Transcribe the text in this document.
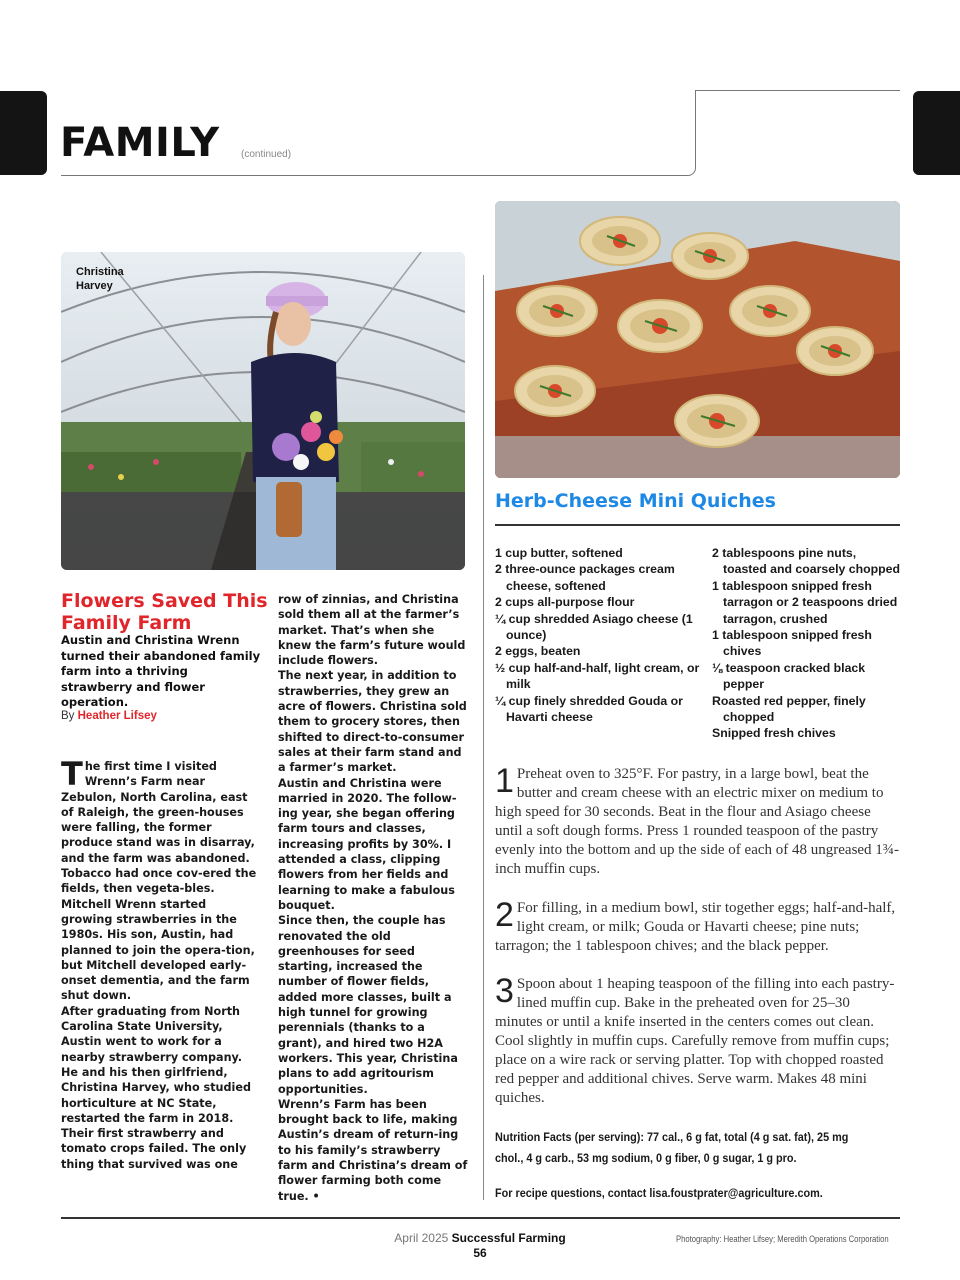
FAMILY (continued)
Christina
Harvey
Flowers Saved This Family Farm
Austin and Christina Wrenn turned their abandoned family farm into a thriving strawberry and flower operation.
By Heather Lifsey
The first time I visited Wrenn’s Farm near Zebulon, North Carolina, east of Raleigh, the green-houses were falling, the former produce stand was in disarray, and the farm was abandoned.
Tobacco had once cov-ered the fields, then vegeta-bles. Mitchell Wrenn started growing strawberries in the 1980s. His son, Austin, had planned to join the opera-tion, but Mitchell developed early-onset dementia, and the farm shut down.
After graduating from North Carolina State University, Austin went to work for a nearby strawberry company. He and his then girlfriend, Christina Harvey, who studied horticulture at NC State, restarted the farm in 2018.
Their first strawberry and tomato crops failed. The only thing that survived was one
row of zinnias, and Christina sold them all at the farmer’s market. That’s when she knew the farm’s future would include flowers.
The next year, in addition to strawberries, they grew an acre of flowers. Christina sold them to grocery stores, then shifted to direct-to-consumer sales at their farm stand and a farmer’s market.
Austin and Christina were married in 2020. The follow-ing year, she began offering farm tours and classes, increasing profits by 30%. I attended a class, clipping flowers from her fields and learning to make a fabulous bouquet.
Since then, the couple has renovated the old greenhouses for seed starting, increased the number of flower fields, added more classes, built a high tunnel for growing perennials (thanks to a grant), and hired two H2A workers. This year, Christina plans to add agritourism opportunities.
Wrenn’s Farm has been brought back to life, making Austin’s dream of return-ing to his family’s strawberry farm and Christina’s dream of flower farming both come true. •
Herb-Cheese Mini Quiches
1 cup butter, softened
2 three-ounce packages cream cheese, softened
2 cups all-purpose flour
¼ cup shredded Asiago cheese (1 ounce)
2 eggs, beaten
½ cup half-and-half, light cream, or milk
¼ cup finely shredded Gouda or Havarti cheese
2 tablespoons pine nuts, toasted and coarsely chopped
1 tablespoon snipped fresh tarragon or 2 teaspoons dried tarragon, crushed
1 tablespoon snipped fresh chives
⅛ teaspoon cracked black pepper
Roasted red pepper, finely chopped
Snipped fresh chives
1 Preheat oven to 325°F. For pastry, in a large bowl, beat the butter and cream cheese with an electric mixer on medium to high speed for 30 seconds. Beat in the flour and Asiago cheese until a soft dough forms. Press 1 rounded teaspoon of the pastry evenly into the bottom and up the side of each of 48 ungreased 1¾-inch muffin cups.
2 For filling, in a medium bowl, stir together eggs; half-and-half, light cream, or milk; Gouda or Havarti cheese; pine nuts; tarragon; the 1 tablespoon chives; and the black pepper.
3 Spoon about 1 heaping teaspoon of the filling into each pastry-lined muffin cup. Bake in the preheated oven for 25–30 minutes or until a knife inserted in the centers comes out clean. Cool slightly in muffin cups. Carefully remove from muffin cups; place on a wire rack or serving platter. Top with chopped roasted red pepper and additional chives. Serve warm. Makes 48 mini quiches.
Nutrition Facts (per serving): 77 cal., 6 g fat, total (4 g sat. fat), 25 mg chol., 4 g carb., 53 mg sodium, 0 g fiber, 0 g sugar, 1 g pro.
For recipe questions, contact lisa.foustprater@agriculture.com.
April 2025 Successful Farming
56
Photography: Heather Lifsey; Meredith Operations Corporation
